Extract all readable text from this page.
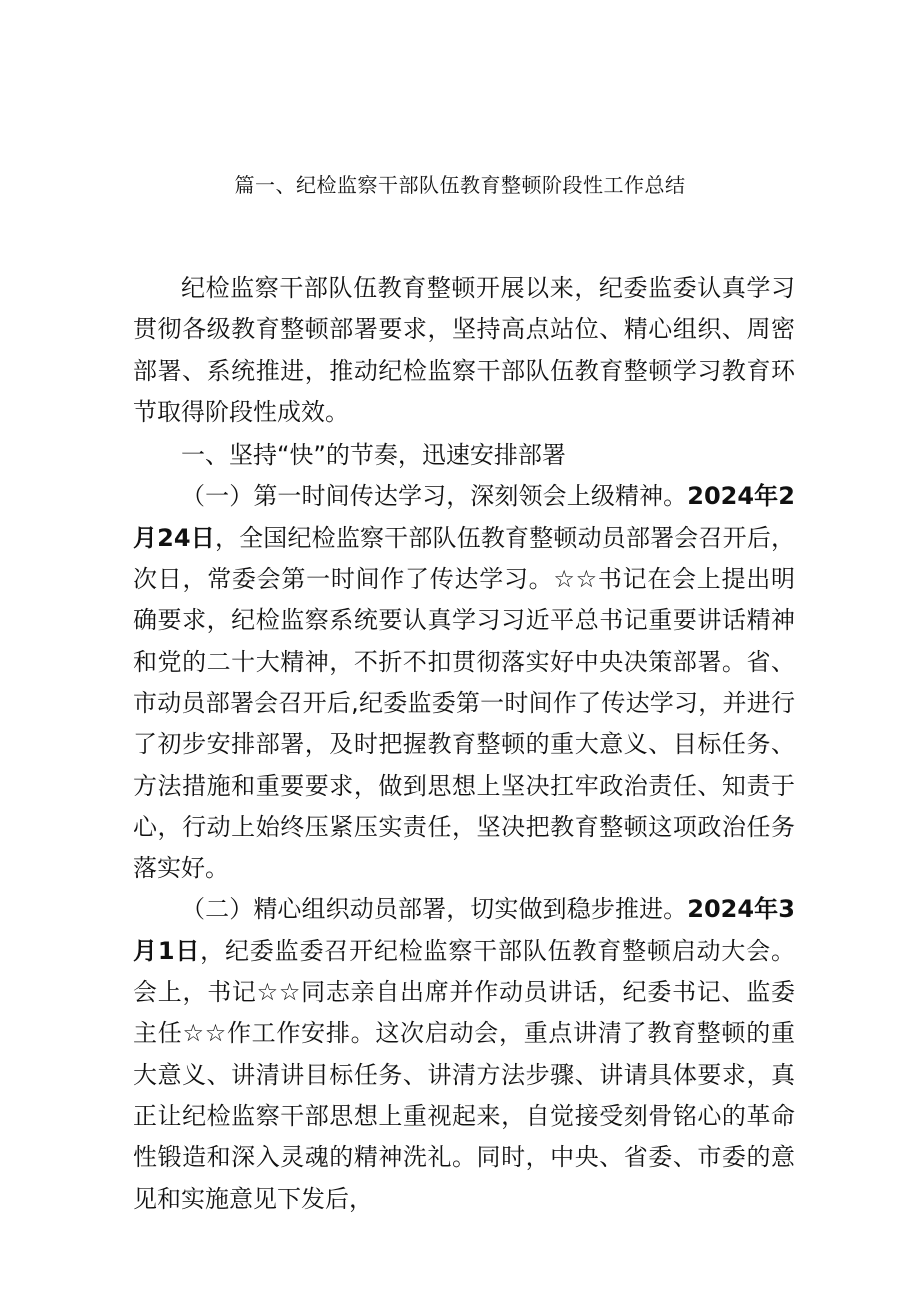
篇一、纪检监察干部队伍教育整顿阶段性工作总结

纪检监察干部队伍教育整顿开展以来，纪委监委认真学习贯彻各级教育整顿部署要求，坚持高点站位、精心组织、周密部署、系统推进，推动纪检监察干部队伍教育整顿学习教育环节取得阶段性成效。

一、坚持“快”的节奏，迅速安排部署

（一）第一时间传达学习，深刻领会上级精神。2024年2月24日，全国纪检监察干部队伍教育整顿动员部署会召开后，次日，常委会第一时间作了传达学习。☆☆书记在会上提出明确要求，纪检监察系统要认真学习习近平总书记重要讲话精神和党的二十大精神，不折不扣贯彻落实好中央决策部署。省、市动员部署会召开后,纪委监委第一时间作了传达学习，并进行了初步安排部署，及时把握教育整顿的重大意义、目标任务、方法措施和重要要求，做到思想上坚决扛牢政治责任、知责于心，行动上始终压紧压实责任，坚决把教育整顿这项政治任务落实好。

（二）精心组织动员部署，切实做到稳步推进。2024年3月1日，纪委监委召开纪检监察干部队伍教育整顿启动大会。会上，书记☆☆同志亲自出席并作动员讲话，纪委书记、监委主任☆☆作工作安排。这次启动会，重点讲清了教育整顿的重大意义、讲清讲目标任务、讲清方法步骤、讲请具体要求，真正让纪检监察干部思想上重视起来，自觉接受刻骨铭心的革命性锻造和深入灵魂的精神洗礼。同时，中央、省委、市委的意见和实施意见下发后，
